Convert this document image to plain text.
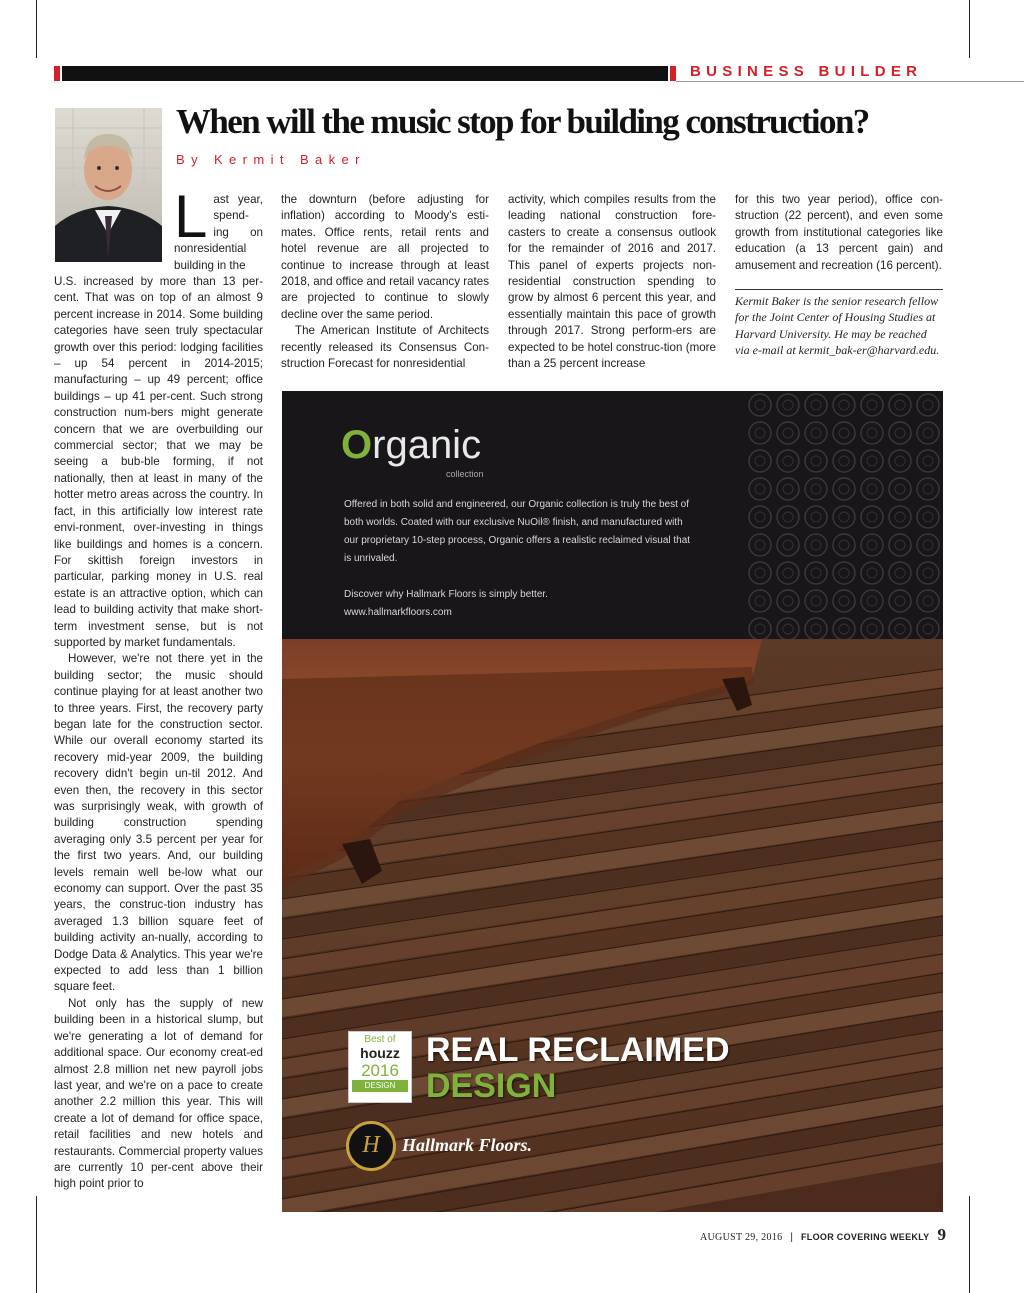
BUSINESS BUILDER
When will the music stop for building construction?
By Kermit Baker

Last year, spend-ing on nonresidential building in the

U.S. increased by more than 13 per-cent. That was on top of an almost 9 percent increase in 2014. Some building categories have seen truly spectacular growth over this period: lodging facilities – up 54 percent in 2014-2015; manufacturing – up 49 percent; office buildings – up 41 per-cent. Such strong construction num-bers might generate concern that we are overbuilding our commercial sector; that we may be seeing a bub-ble forming, if not nationally, then at least in many of the hotter metro areas across the country. In fact, in this artificially low interest rate envi-ronment, over-investing in things like buildings and homes is a concern. For skittish foreign investors in particular, parking money in U.S. real estate is an attractive option, which can lead to building activity that make short-term investment sense, but is not supported by market fundamentals.

However, we're not there yet in the building sector; the music should continue playing for at least another two to three years. First, the recovery party began late for the construction sector. While our overall economy started its recovery mid-year 2009, the building recovery didn't begin un-til 2012. And even then, the recovery in this sector was surprisingly weak, with growth of building construction spending averaging only 3.5 percent per year for the first two years. And, our building levels remain well be-low what our economy can support. Over the past 35 years, the construc-tion industry has averaged 1.3 billion square feet of building activity an-nually, according to Dodge Data & Analytics. This year we're expected to add less than 1 billion square feet.

Not only has the supply of new building been in a historical slump, but we're generating a lot of demand for additional space. Our economy creat-ed almost 2.8 million net new payroll jobs last year, and we're on a pace to create another 2.2 million this year. This will create a lot of demand for office space, retail facilities and new hotels and restaurants. Commercial property values are currently 10 per-cent above their high point prior to

the downturn (before adjusting for inflation) according to Moody's esti-mates. Office rents, retail rents and hotel revenue are all projected to continue to increase through at least 2018, and office and retail vacancy rates are projected to continue to slowly decline over the same period.

The American Institute of Architects recently released its Consensus Con-struction Forecast for nonresidential

activity, which compiles results from the leading national construction fore-casters to create a consensus outlook for the remainder of 2016 and 2017. This panel of experts projects non-residential construction spending to grow by almost 6 percent this year, and essentially maintain this pace of growth through 2017. Strong perform-ers are expected to be hotel construc-tion (more than a 25 percent increase

for this two year period), office con-struction (22 percent), and even some growth from institutional categories like education (a 13 percent gain) and amusement and recreation (16 percent).

Kermit Baker is the senior research fellow for the Joint Center of Housing Studies at Harvard University. He may be reached via e-mail at kermit_bak-er@harvard.edu.
Organic
collection

Offered in both solid and engineered, our Organic collection is truly the best of both worlds. Coated with our exclusive NuOil® finish, and manufactured with our proprietary 10-step process, Organic offers a realistic reclaimed visual that is unrivaled.

Discover why Hallmark Floors is simply better.
www.hallmarkfloors.com

Best of
houzz
2016
DESIGN
REAL RECLAIMED
DESIGN
H	Hallmark Floors.
AUGUST 29, 2016 | FLOOR COVERING WEEKLY 9
